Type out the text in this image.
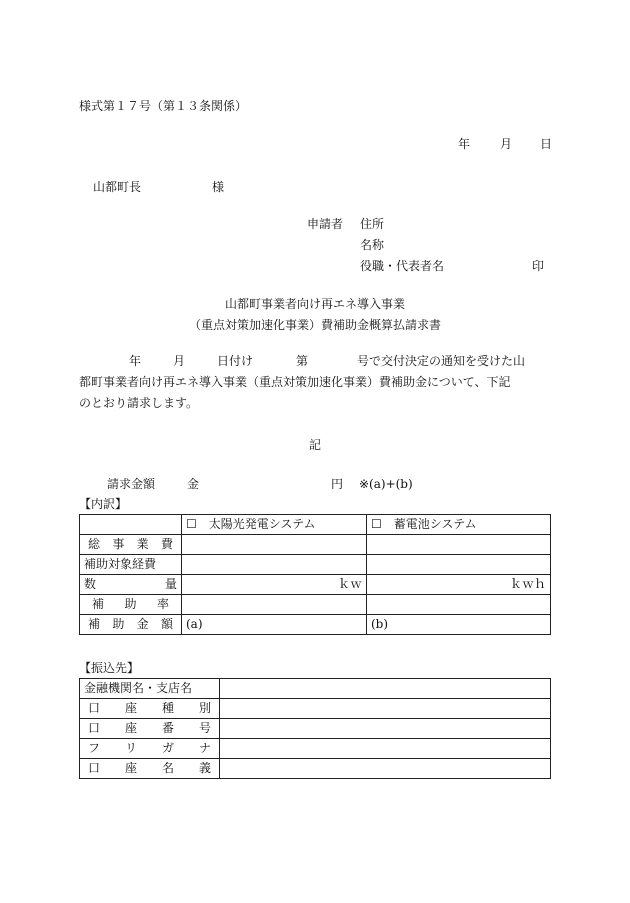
様式第１７号（第１３条関係）
年 月 日
山都町長	様
申請者 住所
名称
役職・代表者名	印
山都町事業者向け再エネ導入事業
（重点対策加速化事業）費補助金概算払請求書
年	月	日付け	第	号で交付決定の通知を受けた山
都町事業者向け再エネ導入事業（重点対策加速化事業）費補助金について、下記
のとおり請求します。
記
請求金額	金	円 ※(a)+(b)
【内訳】
	☐　太陽光発電システム	☐　蓄電池システム

総 事 業 費		

補助対象経費		

数 量	ｋｗ	ｋｗｈ

補 助 率		

補 助 金 額	(a)	(b)
【振込先】
金融機関名・支店名	

口 座 種 別	

口 座 番 号	

フ リ ガ ナ	

口 座 名 義	
